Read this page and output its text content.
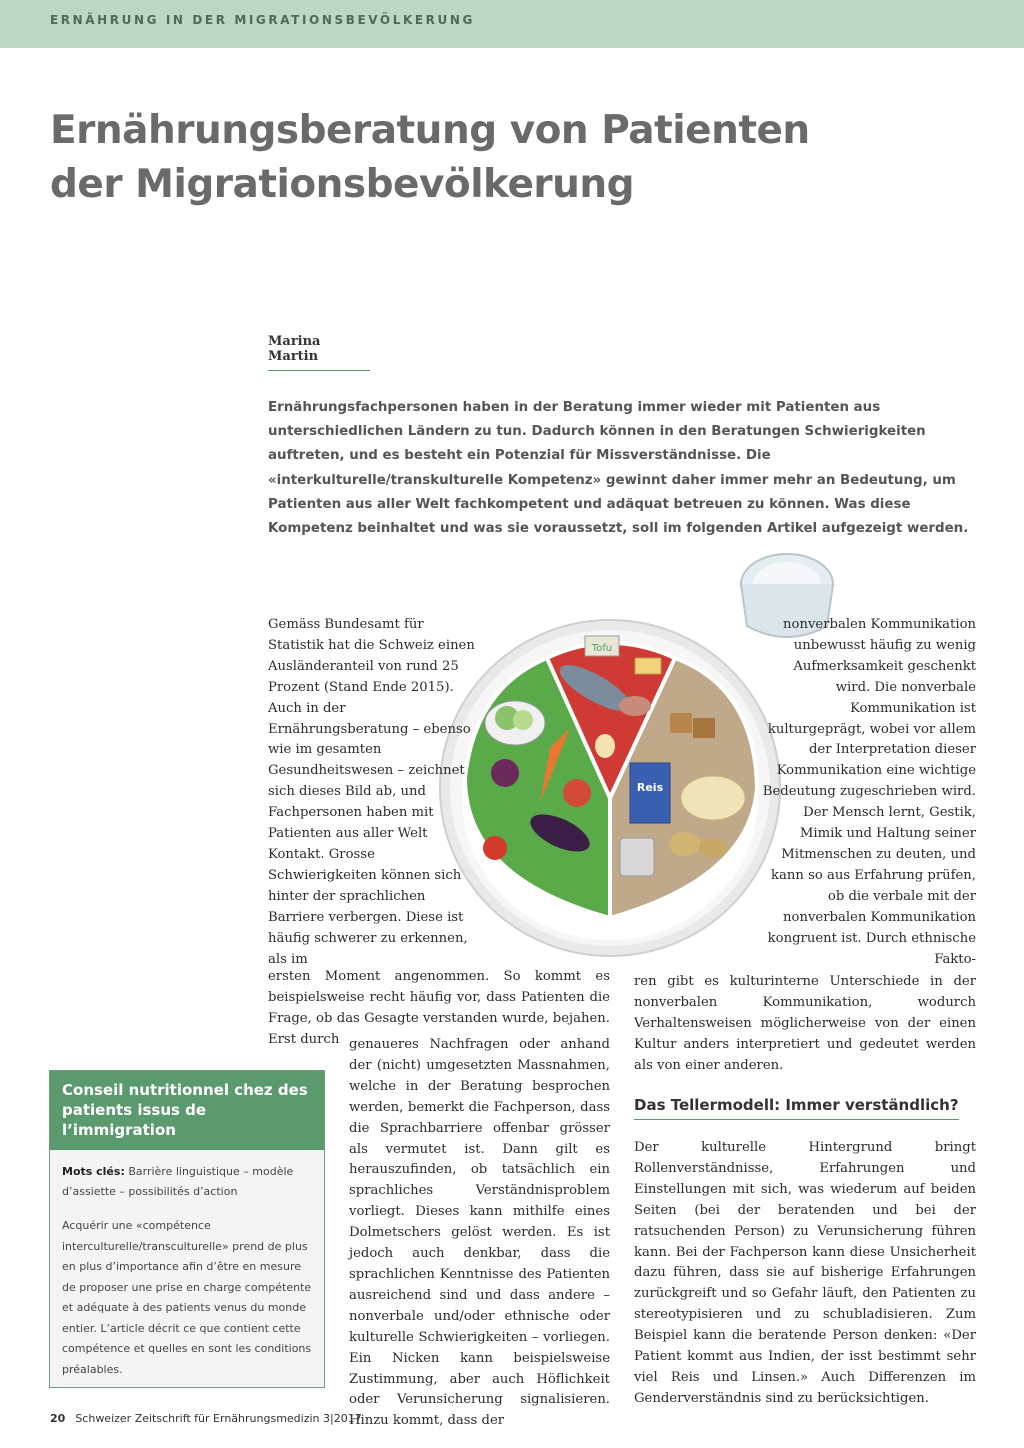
ERNÄHRUNG IN DER MIGRATIONSBEVÖLKERUNG
Ernährungsberatung von Patienten
der Migrationsbevölkerung
Marina Martin

Ernährungsfachpersonen haben in der Beratung immer wieder mit Patienten aus unterschiedlichen Ländern zu tun. Dadurch können in den Beratungen Schwierigkeiten auftreten, und es besteht ein Potenzial für Missverständnisse. Die «interkulturelle/transkulturelle Kompetenz» gewinnt daher immer mehr an Bedeutung, um Patienten aus aller Welt fachkompetent und adäquat betreuen zu können. Was diese Kompetenz beinhaltet und was sie voraussetzt, soll im folgenden Artikel aufgezeigt werden.

Tofu
Reis

Gemäss Bundesamt für Statistik hat die Schweiz einen Ausländeranteil von rund 25 Prozent (Stand Ende 2015). Auch in der Ernährungsberatung – ebenso wie im gesamten Gesundheitswesen – zeichnet sich dieses Bild ab, und Fachpersonen haben mit Patienten aus aller Welt Kontakt. Grosse Schwierigkeiten können sich hinter der sprachlichen Barriere verbergen. Diese ist häufig schwerer zu erkennen, als im

ersten Moment angenommen. So kommt es beispielsweise recht häufig vor, dass Patienten die Frage, ob das Gesagte verstanden wurde, bejahen. Erst durch genaueres Nachfragen oder anhand der (nicht) umgesetzten Massnahmen, welche in der Beratung besprochen werden, bemerkt die Fachperson, dass die Sprachbarriere offenbar grösser als vermutet ist. Dann gilt es herauszufinden, ob tatsächlich ein sprachliches Verständnisproblem vorliegt. Dieses kann mithilfe eines Dolmetschers gelöst werden. Es ist jedoch auch denkbar, dass die sprachlichen Kenntnisse des Patienten ausreichend sind und dass andere – nonverbale und/oder ethnische oder kulturelle Schwierigkeiten – vorliegen. Ein Nicken kann beispielsweise Zustimmung, aber auch Höflichkeit oder Verunsicherung signalisieren. Hinzu kommt, dass der

nonverbalen Kommunikation unbewusst häufig zu wenig Aufmerksamkeit geschenkt wird. Die nonverbale Kommunikation ist kulturgeprägt, wobei vor allem der Interpretation dieser Kommunikation eine wichtige Bedeutung zugeschrieben wird. Der Mensch lernt, Gestik, Mimik und Haltung seiner Mitmenschen zu deuten, und kann so aus Erfahrung prüfen, ob die verbale mit der nonverbalen Kommunikation kongruent ist. Durch ethnische Fakto-

ren gibt es kulturinterne Unterschiede in der nonverbalen Kommunikation, wodurch Verhaltensweisen möglicherweise von der einen Kultur anders interpretiert und gedeutet werden als von einer anderen.

Das Tellermodell: Immer verständlich?

Der kulturelle Hintergrund bringt Rollenverständnisse, Erfahrungen und Einstellungen mit sich, was wiederum auf beiden Seiten (bei der beratenden und bei der ratsuchenden Person) zu Verunsicherung führen kann. Bei der Fachperson kann diese Unsicherheit dazu führen, dass sie auf bisherige Erfahrungen zurückgreift und so Gefahr läuft, den Patienten zu stereotypisieren und zu schubladisieren. Zum Beispiel kann die beratende Person denken: «Der Patient kommt aus Indien, der isst bestimmt sehr viel Reis und Linsen.» Auch Differenzen im Genderverständnis sind zu berücksichtigen.

Conseil nutritionnel chez des patients issus de l’immigration
Mots clés: Barrière linguistique – modèle d’assiette – possibilités d’action
Acquérir une «compétence interculturelle/transculturelle» prend de plus en plus d’importance afin d’être en mesure de proposer une prise en charge compétente et adéquate à des patients venus du monde entier. L’article décrit ce que contient cette compétence et quelles en sont les conditions préalables.
20 Schweizer Zeitschrift für Ernährungsmedizin 3|2017
